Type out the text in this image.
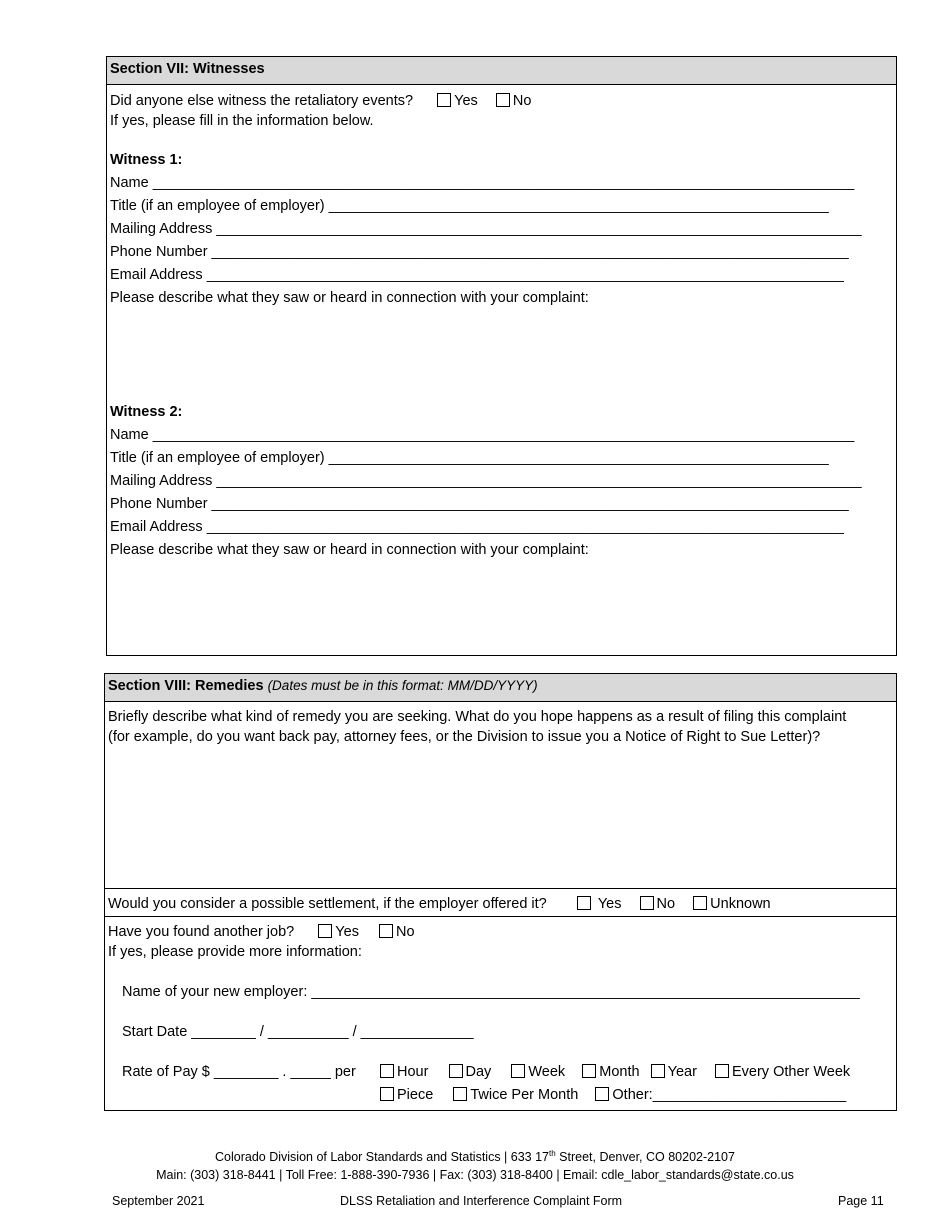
Section VII: Witnesses
Did anyone else witness the retaliatory events?	Yes No
If yes, please fill in the information below.
Witness 1:
Name _______________________________________________________________________________________
Title (if an employee of employer) ______________________________________________________________
Mailing Address ________________________________________________________________________________
Phone Number _______________________________________________________________________________
Email Address _______________________________________________________________________________
Please describe what they saw or heard in connection with your complaint:
Witness 2:
Name _______________________________________________________________________________________
Title (if an employee of employer) ______________________________________________________________
Mailing Address ________________________________________________________________________________
Phone Number _______________________________________________________________________________
Email Address _______________________________________________________________________________
Please describe what they saw or heard in connection with your complaint:
Section VIII: Remedies (Dates must be in this format: MM/DD/YYYY)
Briefly describe what kind of remedy you are seeking. What do you hope happens as a result of filing this complaint
(for example, do you want back pay, attorney fees, or the Division to issue you a Notice of Right to Sue Letter)?
Would you consider a possible settlement, if the employer offered it?	Yes No Unknown
Have you found another job?	Yes	No
If yes, please provide more information:
Name of your new employer: ____________________________________________________________________
Start Date ________ / __________ / ______________
Rate of Pay $ ________ . _____ per	Hour	Day	Week Month Year Every Other Week
Piece	Twice Per Month Other:________________________
Colorado Division of Labor Standards and Statistics | 633 17th Street, Denver, CO 80202-2107
Main: (303) 318-8441 | Toll Free: 1-888-390-7936 | Fax: (303) 318-8400 | Email: cdle_labor_standards@state.co.us
September 2021	DLSS Retaliation and Interference Complaint Form	Page 11
